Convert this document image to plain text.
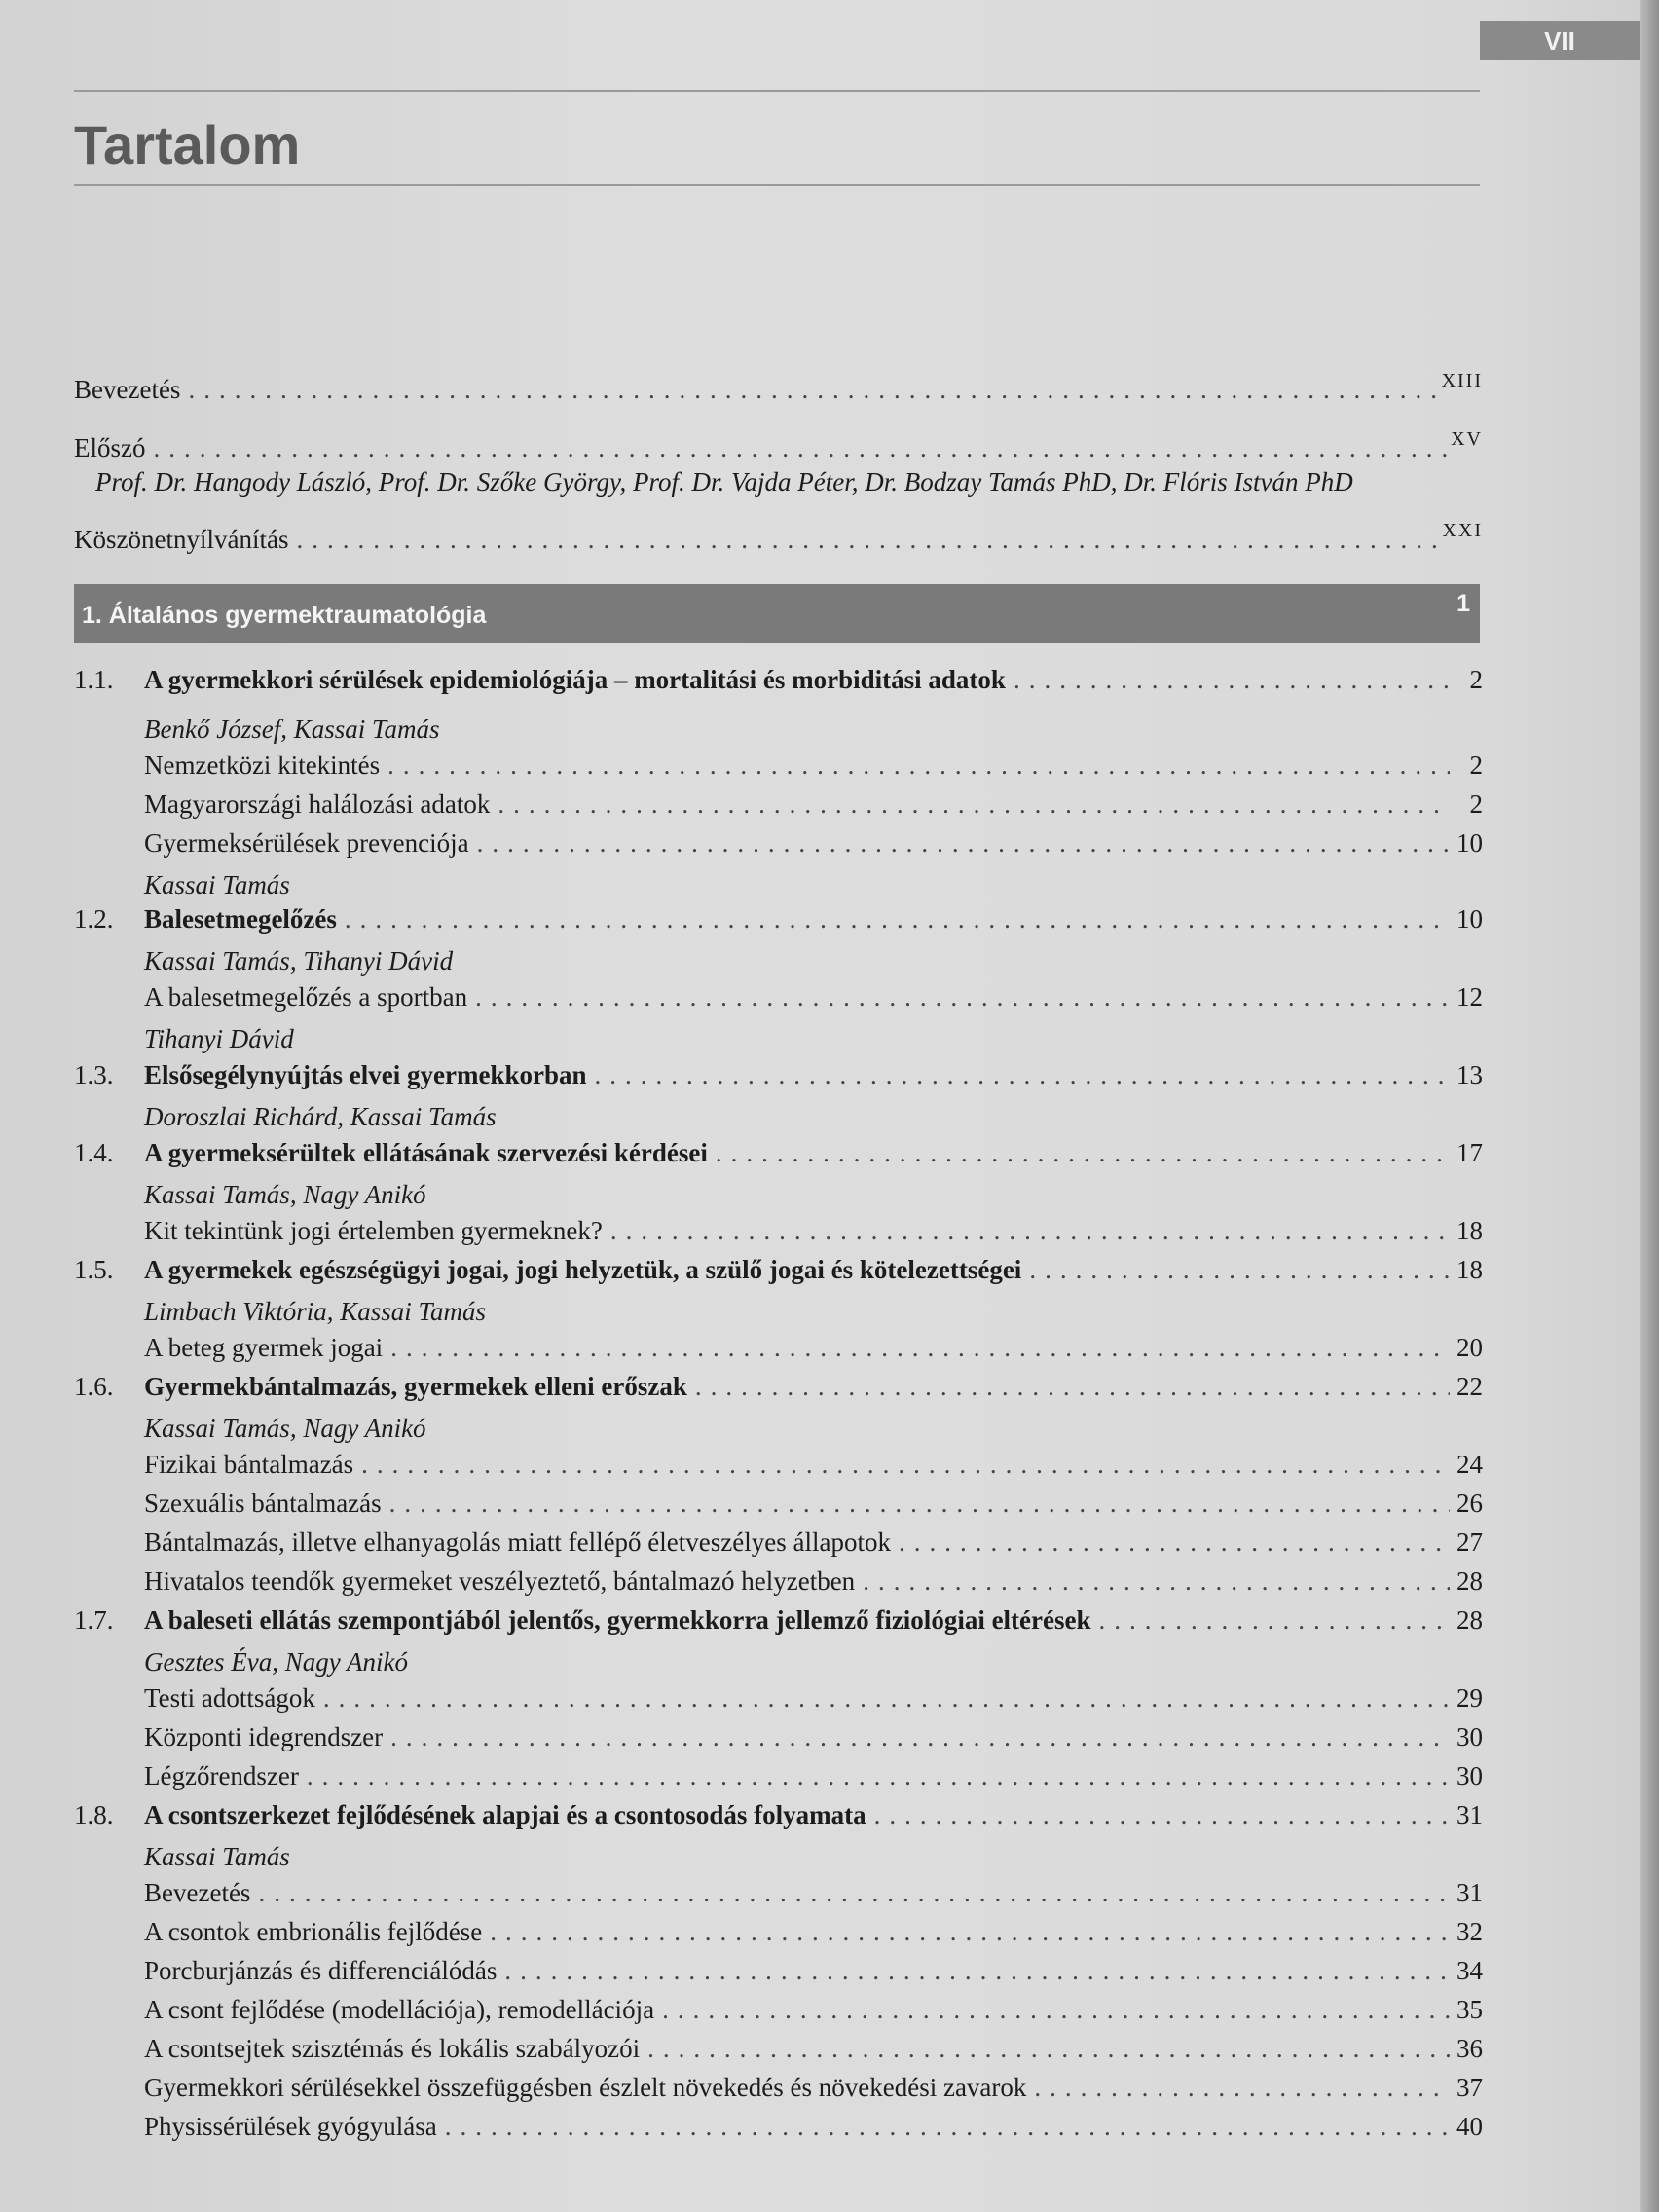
VII
Tartalom
Bevezetés .....	XIII
Előszó .....	XV
Prof. Dr. Hangody László, Prof. Dr. Szőke György, Prof. Dr. Vajda Péter, Dr. Bodzay Tamás PhD, Dr. Flóris István PhD
Köszönetnyílvánítás .....	XXI
1. Általános gyermektraumatológia	1
1.1. A gyermekkori sérülések epidemiológiája – mortalitási és morbiditási adatok .....	2
Benkő József, Kassai Tamás
Nemzetközi kitekintés .....	2
Magyarországi halálozási adatok .....	2
Gyermeksérülések prevenciója .....	10
Kassai Tamás
1.2. Balesetmegelőzés .....	10
Kassai Tamás, Tihanyi Dávid
A balesetmegelőzés a sportban .....	12
Tihanyi Dávid
1.3. Elsősegélynyújtás elvei gyermekkorban .....	13
Doroszlai Richárd, Kassai Tamás
1.4. A gyermeksérültek ellátásának szervezési kérdései .....	17
Kassai Tamás, Nagy Anikó
Kit tekintünk jogi értelemben gyermeknek? .....	18
1.5. A gyermekek egészségügyi jogai, jogi helyzetük, a szülő jogai és kötelezettségei .....	18
Limbach Viktória, Kassai Tamás
A beteg gyermek jogai .....	20
1.6. Gyermekbántalmazás, gyermekek elleni erőszak .....	22
Kassai Tamás, Nagy Anikó
Fizikai bántalmazás .....	24
Szexuális bántalmazás .....	26
Bántalmazás, illetve elhanyagolás miatt fellépő életveszélyes állapotok .....	27
Hivatalos teendők gyermeket veszélyeztető, bántalmazó helyzetben .....	28
1.7. A baleseti ellátás szempontjából jelentős, gyermekkorra jellemző fiziológiai eltérések .....	28
Gesztes Éva, Nagy Anikó
Testi adottságok .....	29
Központi idegrendszer .....	30
Légzőrendszer .....	30
1.8. A csontszerkezet fejlődésének alapjai és a csontosodás folyamata .....	31
Kassai Tamás
Bevezetés .....	31
A csontok embrionális fejlődése .....	32
Porcburjánzás és differenciálódás .....	34
A csont fejlődése (modellációja), remodellációja .....	35
A csontsejtek szisztémás és lokális szabályozói .....	36
Gyermekkori sérülésekkel összefüggésben észlelt növekedés és növekedési zavarok .....	37
Physissérülések gyógyulása .....	40
